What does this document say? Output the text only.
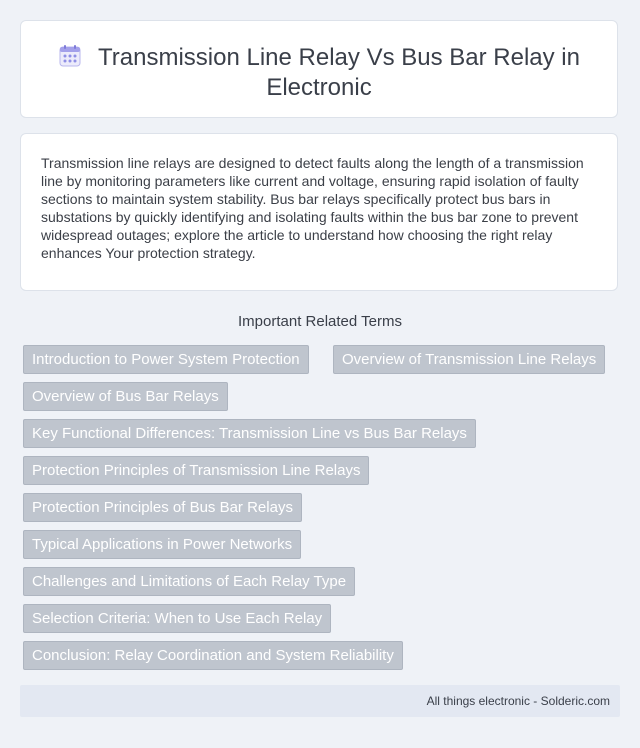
Transmission Line Relay Vs Bus Bar Relay in
Electronic

Transmission line relays are designed to detect faults along the length of a transmission line by monitoring parameters like current and voltage, ensuring rapid isolation of faulty sections to maintain system stability. Bus bar relays specifically protect bus bars in substations by quickly identifying and isolating faults within the bus bar zone to prevent widespread outages; explore the article to understand how choosing the right relay enhances Your protection strategy.

Important Related Terms
Introduction to Power System Protection	Overview of Transmission Line Relays
Overview of Bus Bar Relays
Key Functional Differences: Transmission Line vs Bus Bar Relays
Protection Principles of Transmission Line Relays
Protection Principles of Bus Bar Relays
Typical Applications in Power Networks
Challenges and Limitations of Each Relay Type
Selection Criteria: When to Use Each Relay
Conclusion: Relay Coordination and System Reliability
All things electronic - Solderic.com
